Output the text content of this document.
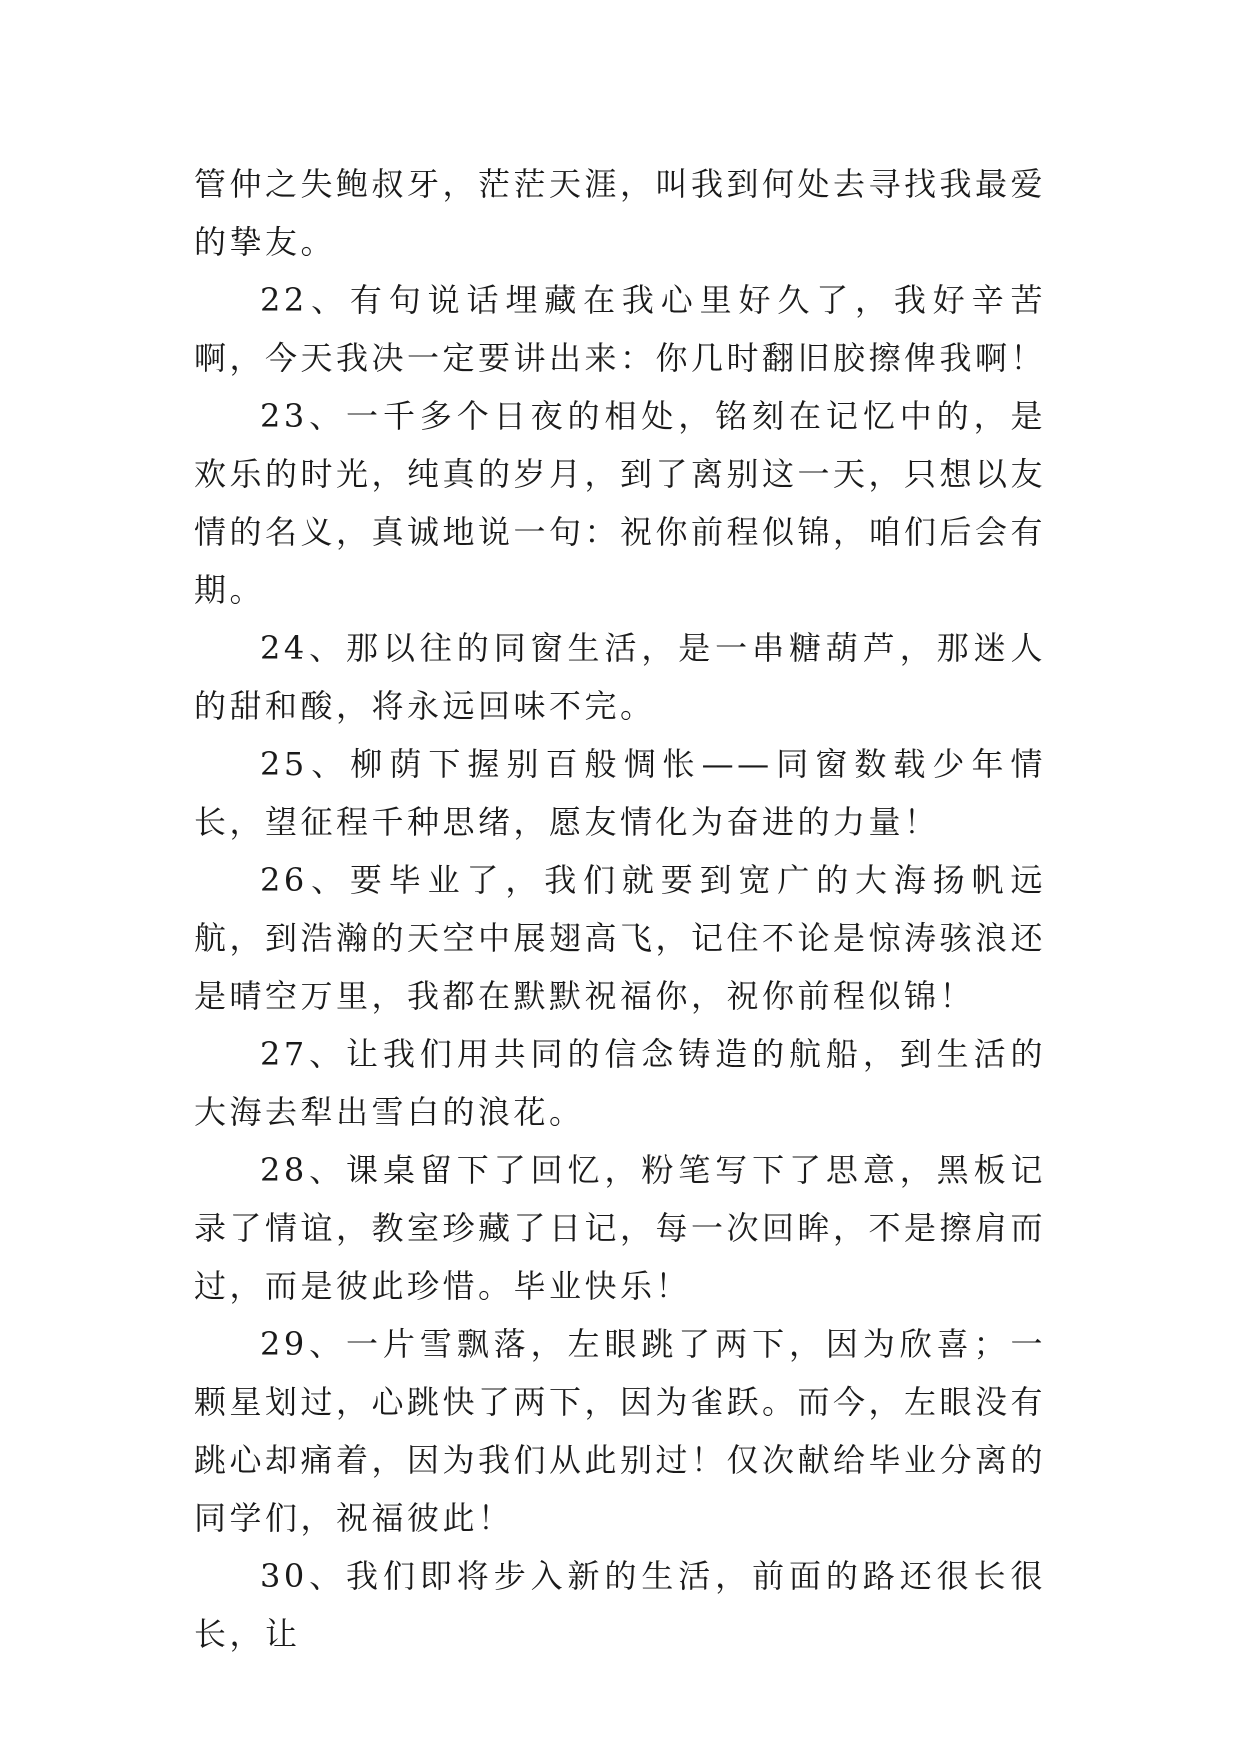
管仲之失鲍叔牙，茫茫天涯，叫我到何处去寻找我最爱的挚友。

22、有句说话埋藏在我心里好久了，我好辛苦啊，今天我决一定要讲出来：你几时翻旧胶擦俾我啊！

23、一千多个日夜的相处，铭刻在记忆中的，是欢乐的时光，纯真的岁月，到了离别这一天，只想以友情的名义，真诚地说一句：祝你前程似锦，咱们后会有期。

24、那以往的同窗生活，是一串糖葫芦，那迷人的甜和酸，将永远回味不完。

25、柳荫下握别百般惆怅——同窗数载少年情长，望征程千种思绪，愿友情化为奋进的力量！

26、要毕业了，我们就要到宽广的大海扬帆远航，到浩瀚的天空中展翅高飞，记住不论是惊涛骇浪还是晴空万里，我都在默默祝福你，祝你前程似锦！

27、让我们用共同的信念铸造的航船，到生活的大海去犁出雪白的浪花。

28、课桌留下了回忆，粉笔写下了思意，黑板记录了情谊，教室珍藏了日记，每一次回眸，不是擦肩而过，而是彼此珍惜。毕业快乐！

29、一片雪飘落，左眼跳了两下，因为欣喜；一颗星划过，心跳快了两下，因为雀跃。而今，左眼没有跳心却痛着，因为我们从此别过！仅次献给毕业分离的同学们，祝福彼此！

30、我们即将步入新的生活，前面的路还很长很长，让
